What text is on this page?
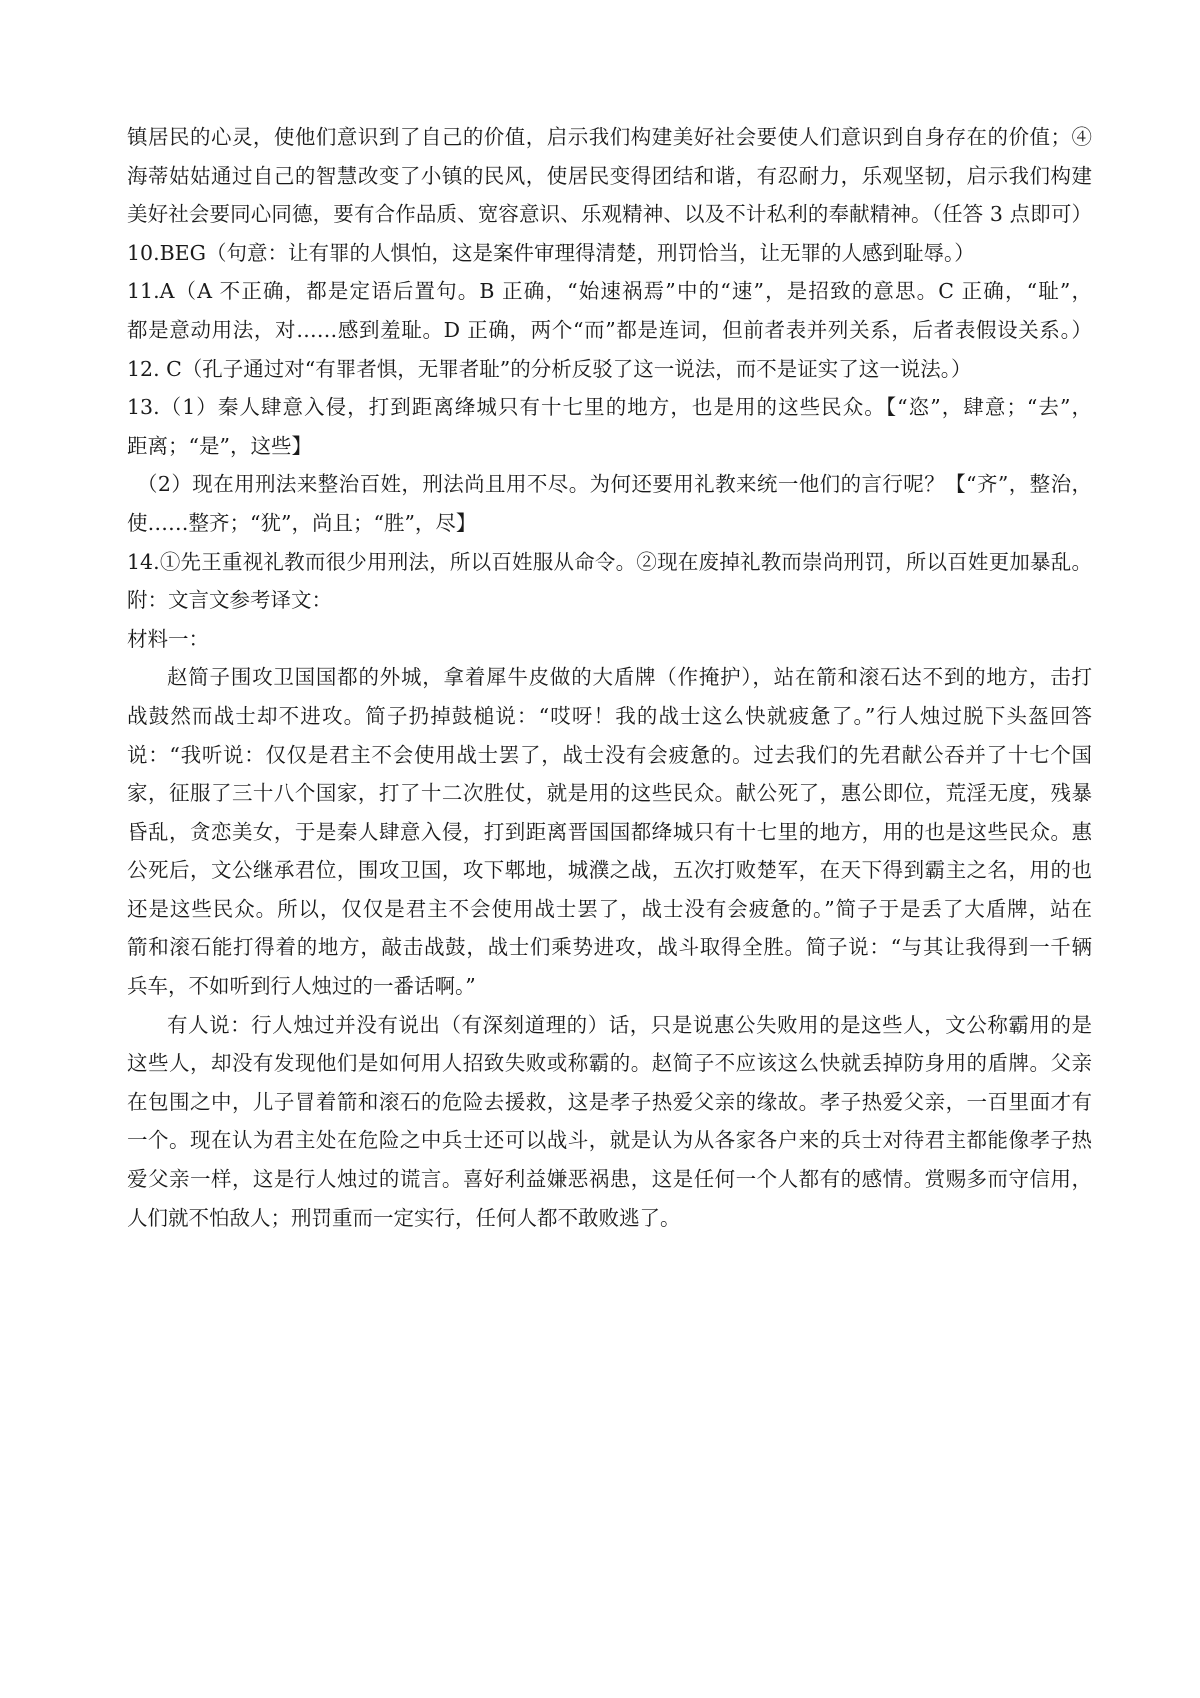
镇居民的心灵，使他们意识到了自己的价值，启示我们构建美好社会要使人们意识到自身存在的价值；④
海蒂姑姑通过自己的智慧改变了小镇的民风，使居民变得团结和谐，有忍耐力，乐观坚韧，启示我们构建
美好社会要同心同德，要有合作品质、宽容意识、乐观精神、以及不计私利的奉献精神。（任答 3 点即可）
10.BEG（句意：让有罪的人惧怕，这是案件审理得清楚，刑罚恰当，让无罪的人感到耻辱。）
11.A（A 不正确，都是定语后置句。B 正确，“始速祸焉”中的“速”，是招致的意思。C 正确，“耻”，
都是意动用法，对……感到羞耻。D 正确，两个“而”都是连词，但前者表并列关系，后者表假设关系。）
12. C（孔子通过对“有罪者惧，无罪者耻”的分析反驳了这一说法，而不是证实了这一说法。）
13.（1）秦人肆意入侵，打到距离绛城只有十七里的地方，也是用的这些民众。【“恣”，肆意；“去”，
距离；“是”，这些】
（2）现在用刑法来整治百姓，刑法尚且用不尽。为何还要用礼教来统一他们的言行呢？【“齐”，整治，
使……整齐；“犹”，尚且；“胜”，尽】
14.①先王重视礼教而很少用刑法，所以百姓服从命令。②现在废掉礼教而崇尚刑罚，所以百姓更加暴乱。
附：文言文参考译文：
材料一：
赵简子围攻卫国国都的外城，拿着犀牛皮做的大盾牌（作掩护），站在箭和滚石达不到的地方，击打
战鼓然而战士却不进攻。简子扔掉鼓槌说：“哎呀！我的战士这么快就疲惫了。”行人烛过脱下头盔回答
说：“我听说：仅仅是君主不会使用战士罢了，战士没有会疲惫的。过去我们的先君献公吞并了十七个国
家，征服了三十八个国家，打了十二次胜仗，就是用的这些民众。献公死了，惠公即位，荒淫无度，残暴
昏乱，贪恋美女，于是秦人肆意入侵，打到距离晋国国都绛城只有十七里的地方，用的也是这些民众。惠
公死后，文公继承君位，围攻卫国，攻下郫地，城濮之战，五次打败楚军，在天下得到霸主之名，用的也
还是这些民众。所以，仅仅是君主不会使用战士罢了，战士没有会疲惫的。”简子于是丢了大盾牌，站在
箭和滚石能打得着的地方，敲击战鼓，战士们乘势进攻，战斗取得全胜。简子说：“与其让我得到一千辆
兵车，不如听到行人烛过的一番话啊。”
有人说：行人烛过并没有说出（有深刻道理的）话，只是说惠公失败用的是这些人，文公称霸用的是
这些人，却没有发现他们是如何用人招致失败或称霸的。赵简子不应该这么快就丢掉防身用的盾牌。父亲
在包围之中，儿子冒着箭和滚石的危险去援救，这是孝子热爱父亲的缘故。孝子热爱父亲，一百里面才有
一个。现在认为君主处在危险之中兵士还可以战斗，就是认为从各家各户来的兵士对待君主都能像孝子热
爱父亲一样，这是行人烛过的谎言。喜好利益嫌恶祸患，这是任何一个人都有的感情。赏赐多而守信用，
人们就不怕敌人；刑罚重而一定实行，任何人都不敢败逃了。
